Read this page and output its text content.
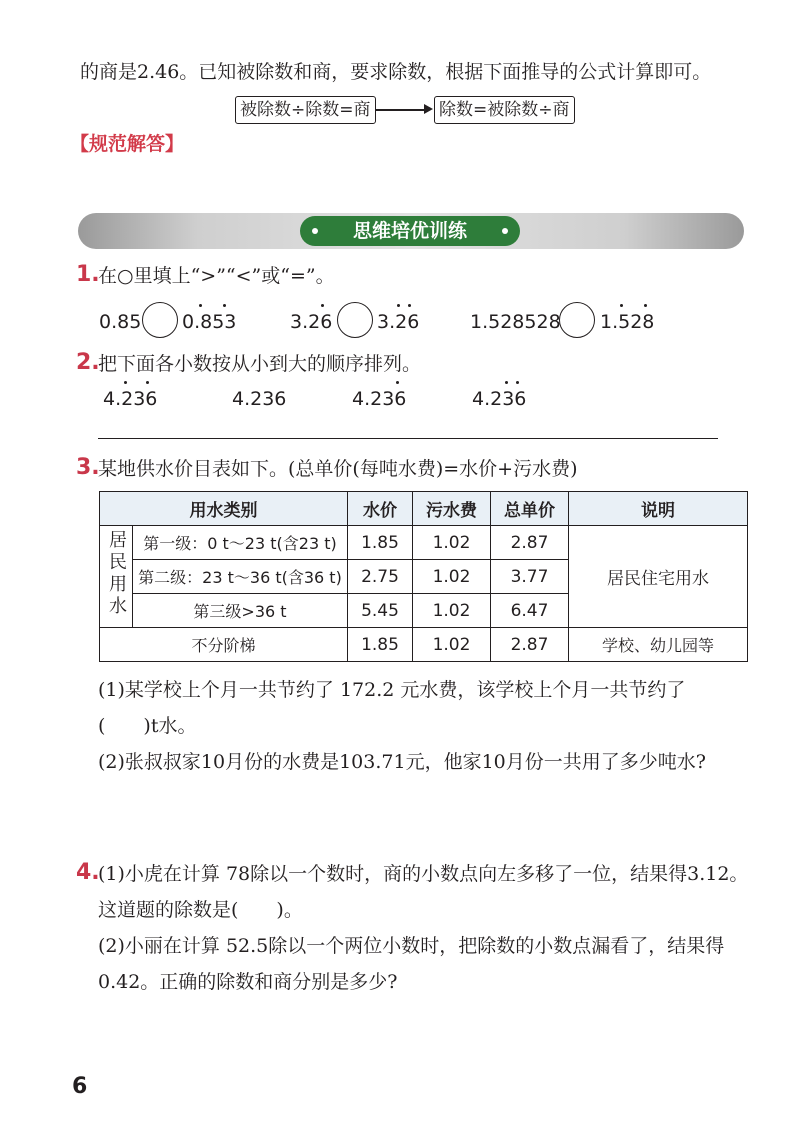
的商是2.46。已知被除数和商，要求除数，根据下面推导的公式计算即可。
被除数÷除数=商	除数=被除数÷商
【规范解答】
思维培优训练
1.
在○里填上“>”“<”或“=”。
0.85 0.853	3.26 3.26	1.528528 1.528
2.
把下面各小数按从小到大的顺序排列。
4.236	4.236	4.236	4.236
3.
某地供水价目表如下。(总单价(每吨水费)=水价+污水费)
用水类别		水价	污水费	总单价	说明
居民用水	第一级：0 t～23 t(含23 t)	1.85	1.02	2.87	居民住宅用水
	第二级：23 t～36 t(含36 t)	2.75	1.02	3.77	
	第三级>36 t	5.45	1.02	6.47	
不分阶梯		1.85	1.02	2.87	学校、幼儿园等
(1)某学校上个月一共节约了 172.2 元水费，该学校上个月一共节约了
(　　)t水。
(2)张叔叔家10月份的水费是103.71元，他家10月份一共用了多少吨水?
4.
(1)小虎在计算 78除以一个数时，商的小数点向左多移了一位，结果得3.12。
这道题的除数是(　　)。
(2)小丽在计算 52.5除以一个两位小数时，把除数的小数点漏看了，结果得
0.42。正确的除数和商分别是多少?
6
